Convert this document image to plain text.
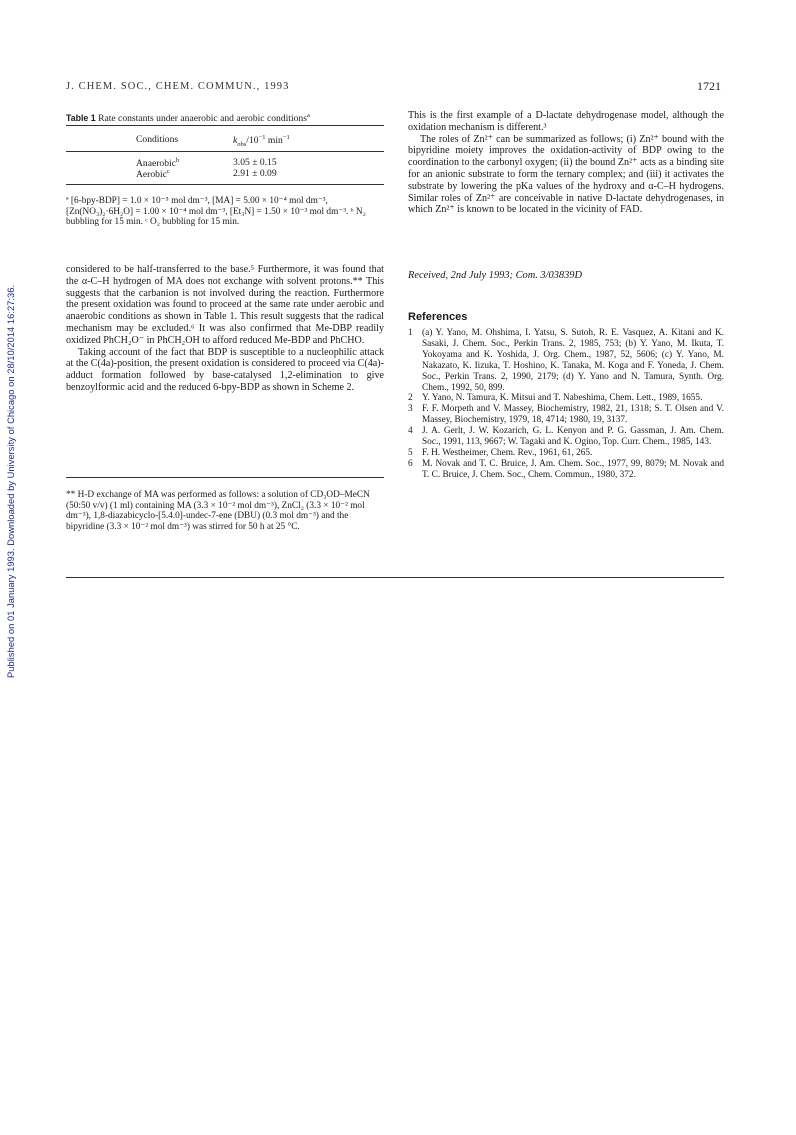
Published on 01 January 1993. Downloaded by University of Chicago on 28/10/2014 16:27:36.
J. CHEM. SOC., CHEM. COMMUN., 1993	1721
Table 1 Rate constants under anaerobic and aerobic conditions$^a$
Conditions	$k_{obs}/10^{-1}$ $\min^{-1}$
Anaerobic$^b$	3.05 ± 0.15
Aerobic$^c$	2.91 ± 0.09
ª [6-bpy-BDP] = 1.0 × 10⁻⁵ mol dm⁻³, [MA] = 5.00 × 10⁻⁴ mol dm⁻³, [Zn(NO₃)₂·6H₂O] = 1.00 × 10⁻⁴ mol dm⁻³, [Et₃N] = 1.50 × 10⁻³ mol dm⁻³. ᵇ N₂ bubbling for 15 min. ᶜ O₂ bubbling for 15 min.

considered to be half-transferred to the base.⁵ Furthermore, it was found that the α-C–H hydrogen of MA does not exchange with solvent protons.** This suggests that the carbanion is not involved during the reaction. Furthermore the present oxidation was found to proceed at the same rate under aerobic and anaerobic conditions as shown in Table 1. This result suggests that the radical mechanism may be excluded.⁶ It was also confirmed that Me-DBP readily oxidized PhCH₂O⁻ in PhCH₂OH to afford reduced Me-BDP and PhCHO.

Taking account of the fact that BDP is susceptible to a nucleophilic attack at the C(4a)-position, the present oxidation is considered to proceed via C(4a)-adduct formation followed by base-catalysed 1,2-elimination to give benzoylformic acid and the reduced 6-bpy-BDP as shown in Scheme 2.

** H-D exchange of MA was performed as follows: a solution of CD₃OD–MeCN (50:50 v/v) (1 ml) containing MA (3.3 × 10⁻² mol dm⁻³), ZnCl₂ (3.3 × 10⁻² mol dm⁻³), 1,8-diazabicyclo-[5.4.0]-undec-7-ene (DBU) (0.3 mol dm⁻³) and the bipyridine (3.3 × 10⁻² mol dm⁻³) was stirred for 50 h at 25 °C.

This is the first example of a D-lactate dehydrogenase model, although the oxidation mechanism is different.³

The roles of Zn²⁺ can be summarized as follows; (i) Zn²⁺ bound with the bipyridine moiety improves the oxidation-activity of BDP owing to the coordination to the carbonyl oxygen; (ii) the bound Zn²⁺ acts as a binding site for an anionic substrate to form the ternary complex; and (iii) it activates the substrate by lowering the pKa values of the hydroxy and α-C–H hydrogens. Similar roles of Zn²⁺ are conceivable in native D-lactate dehydrogenases, in which Zn²⁺ is known to be located in the vicinity of FAD.

Received, 2nd July 1993; Com. 3/03839D
References
1 (a) Y. Yano, M. Ohshima, I. Yatsu, S. Sutoh, R. E. Vasquez, A. Kitani and K. Sasaki, J. Chem. Soc., Perkin Trans. 2, 1985, 753; (b) Y. Yano, M. Ikuta, T. Yokoyama and K. Yoshida, J. Org. Chem., 1987, 52, 5606; (c) Y. Yano, M. Nakazato, K. Iizuka, T. Hoshino, K. Tanaka, M. Koga and F. Yoneda, J. Chem. Soc., Perkin Trans. 2, 1990, 2179; (d) Y. Yano and N. Tamura, Synth. Org. Chem., 1992, 50, 899.
2 Y. Yano, N. Tamura, K. Mitsui and T. Nabeshima, Chem. Lett., 1989, 1655.
3 F. F. Morpeth and V. Massey, Biochemistry, 1982, 21, 1318; S. T. Olsen and V. Massey, Biochemistry, 1979, 18, 4714; 1980, 19, 3137.
4 J. A. Gerlt, J. W. Kozarich, G. L. Kenyon and P. G. Gassman, J. Am. Chem. Soc., 1991, 113, 9667; W. Tagaki and K. Ogino, Top. Curr. Chem., 1985, 143.
5 F. H. Westheimer, Chem. Rev., 1961, 61, 265.
6 M. Novak and T. C. Bruice, J. Am. Chem. Soc., 1977, 99, 8079; M. Novak and T. C. Bruice, J. Chem. Soc., Chem. Commun., 1980, 372.
